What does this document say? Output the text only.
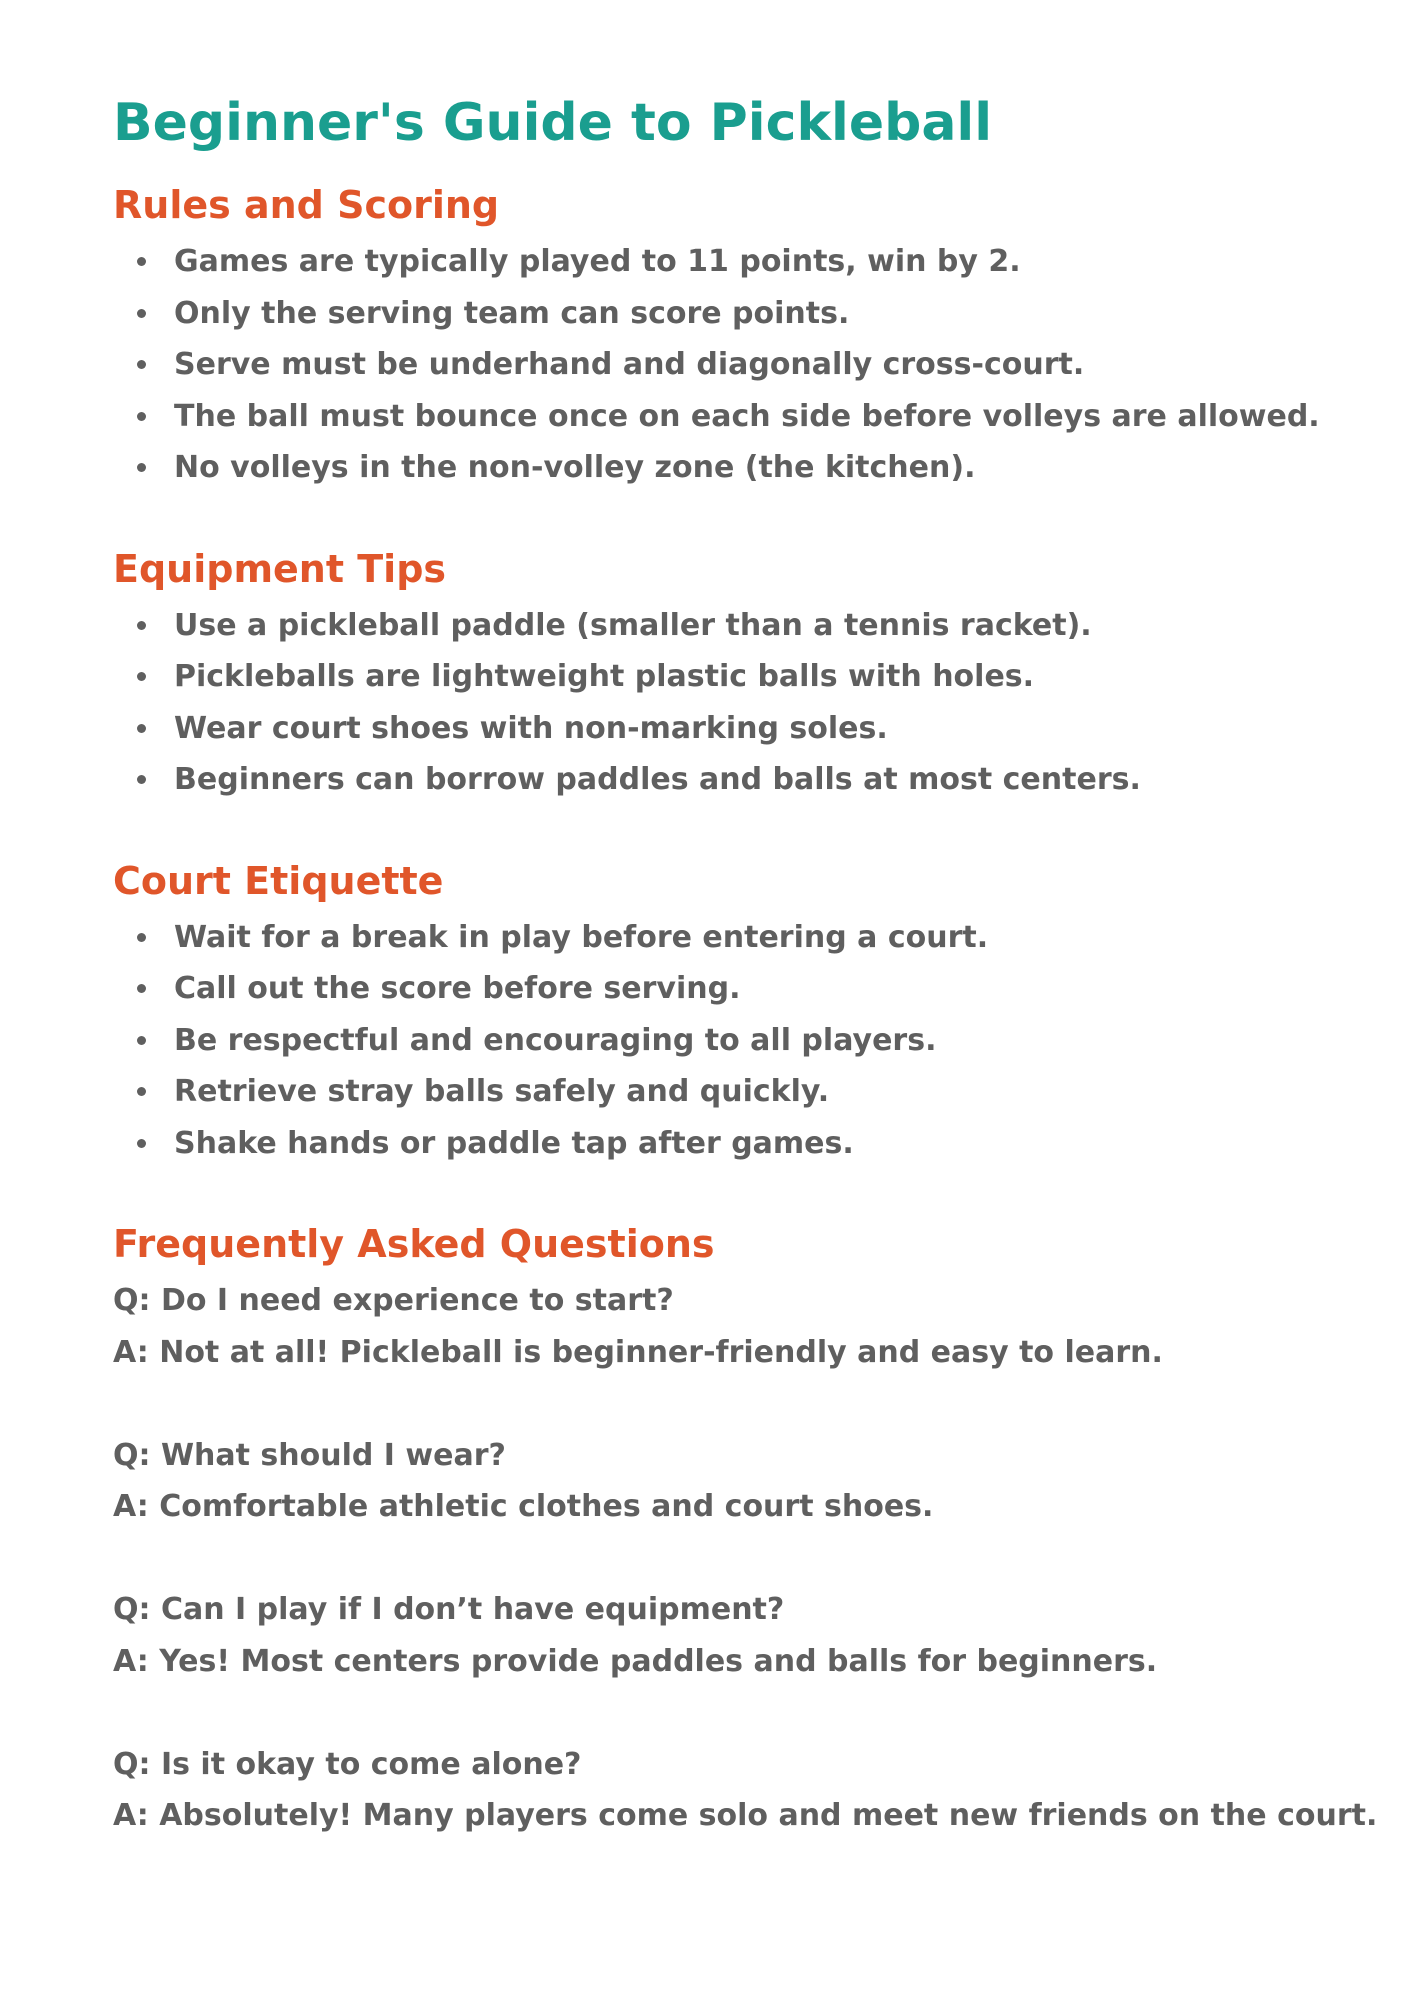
Beginner's Guide to Pickleball
Rules and Scoring
Games are typically played to 11 points, win by 2.
Only the serving team can score points.
Serve must be underhand and diagonally cross-court.
The ball must bounce once on each side before volleys are allowed.
No volleys in the non-volley zone (the kitchen).
Equipment Tips
Use a pickleball paddle (smaller than a tennis racket).
Pickleballs are lightweight plastic balls with holes.
Wear court shoes with non-marking soles.
Beginners can borrow paddles and balls at most centers.
Court Etiquette
Wait for a break in play before entering a court.
Call out the score before serving.
Be respectful and encouraging to all players.
Retrieve stray balls safely and quickly.
Shake hands or paddle tap after games.
Frequently Asked Questions
Q: Do I need experience to start?
A: Not at all! Pickleball is beginner-friendly and easy to learn.
Q: What should I wear?
A: Comfortable athletic clothes and court shoes.
Q: Can I play if I don’t have equipment?
A: Yes! Most centers provide paddles and balls for beginners.
Q: Is it okay to come alone?
A: Absolutely! Many players come solo and meet new friends on the court.
